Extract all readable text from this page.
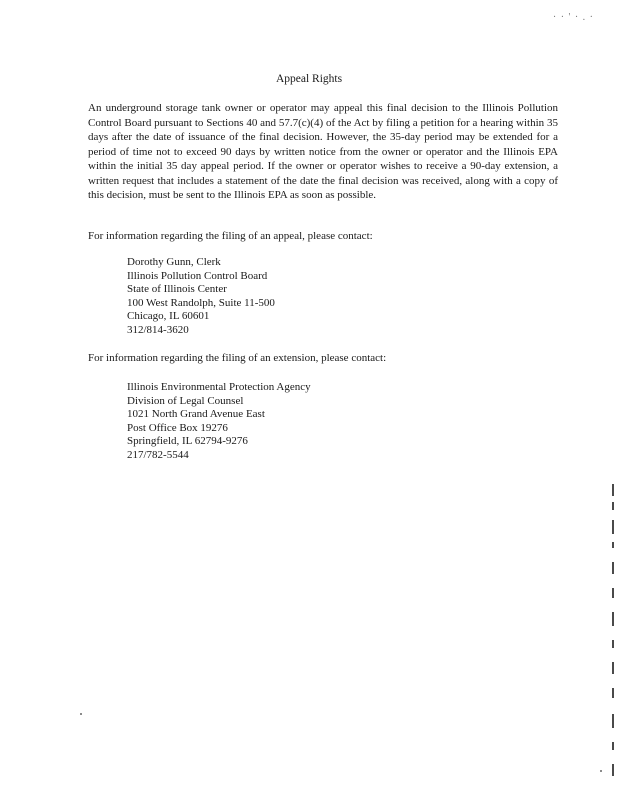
· · ' · . ·
Appeal Rights
An underground storage tank owner or operator may appeal this final decision to the Illinois Pollution Control Board pursuant to Sections 40 and 57.7(c)(4) of the Act by filing a petition for a hearing within 35 days after the date of issuance of the final decision. However, the 35-day period may be extended for a period of time not to exceed 90 days by written notice from the owner or operator and the Illinois EPA within the initial 35 day appeal period. If the owner or operator wishes to receive a 90-day extension, a written request that includes a statement of the date the final decision was received, along with a copy of this decision, must be sent to the Illinois EPA as soon as possible.
For information regarding the filing of an appeal, please contact:
Dorothy Gunn, Clerk
Illinois Pollution Control Board
State of Illinois Center
100 West Randolph, Suite 11-500
Chicago, IL 60601
312/814-3620
For information regarding the filing of an extension, please contact:
Illinois Environmental Protection Agency
Division of Legal Counsel
1021 North Grand Avenue East
Post Office Box 19276
Springfield, IL 62794-9276
217/782-5544
